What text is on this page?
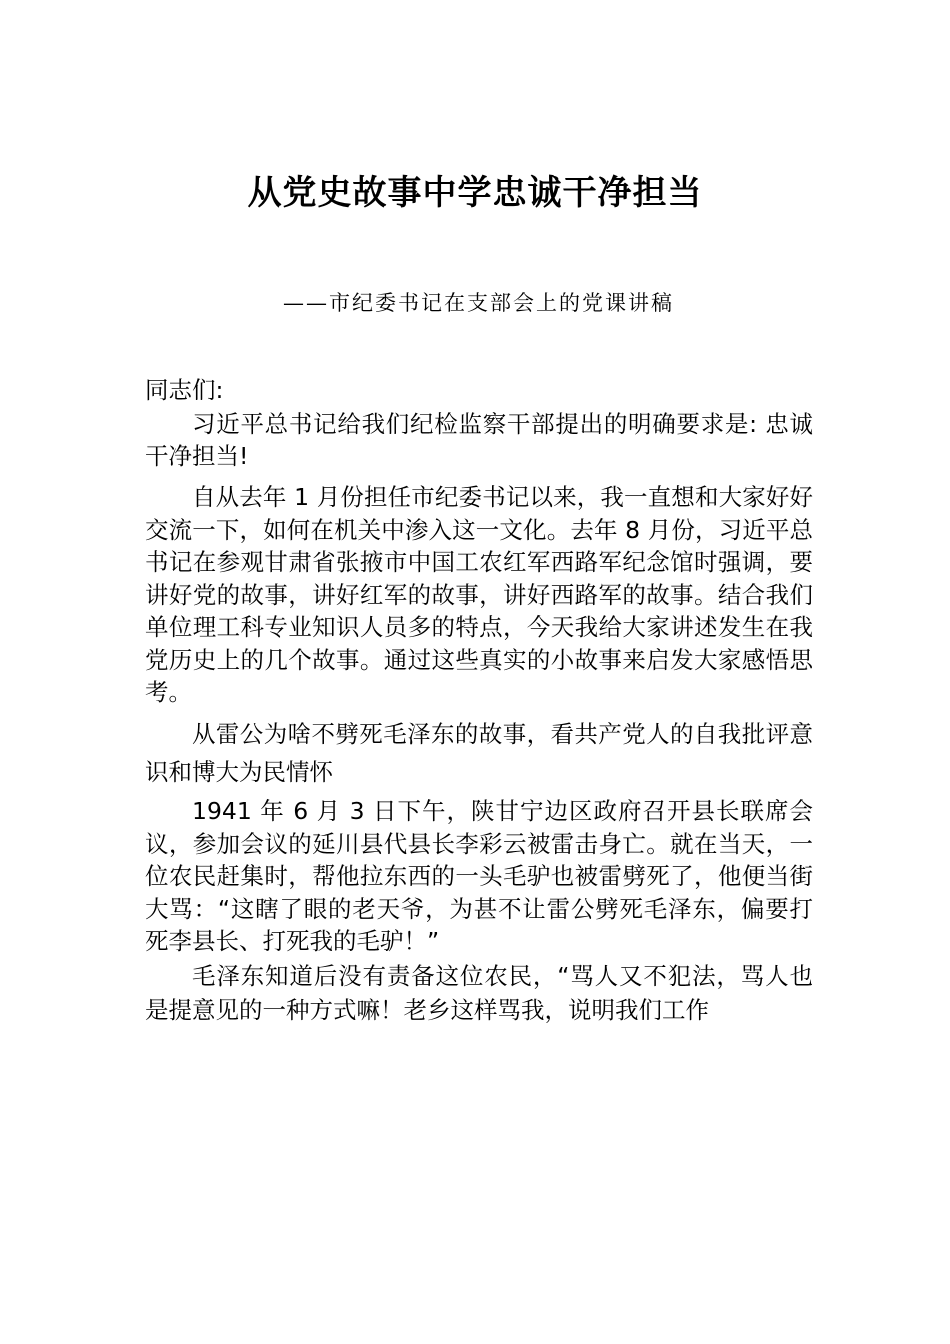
从党史故事中学忠诚干净担当
——市纪委书记在支部会上的党课讲稿

同志们:

习近平总书记给我们纪检监察干部提出的明确要求是: 忠诚干净担当!

自从去年 1 月份担任市纪委书记以来，我一直想和大家好好交流一下，如何在机关中渗入这一文化。去年 8 月份，习近平总书记在参观甘肃省张掖市中国工农红军西路军纪念馆时强调，要讲好党的故事，讲好红军的故事，讲好西路军的故事。结合我们单位理工科专业知识人员多的特点，今天我给大家讲述发生在我党历史上的几个故事。通过这些真实的小故事来启发大家感悟思考。

从雷公为啥不劈死毛泽东的故事，看共产党人的自我批评意识和博大为民情怀

1941 年 6 月 3 日下午，陕甘宁边区政府召开县长联席会议，参加会议的延川县代县长李彩云被雷击身亡。就在当天，一位农民赶集时，帮他拉东西的一头毛驴也被雷劈死了，他便当街大骂：“这瞎了眼的老天爷，为甚不让雷公劈死毛泽东，偏要打死李县长、打死我的毛驴！”

毛泽东知道后没有责备这位农民，“骂人又不犯法，骂人也是提意见的一种方式嘛！老乡这样骂我，说明我们工作
